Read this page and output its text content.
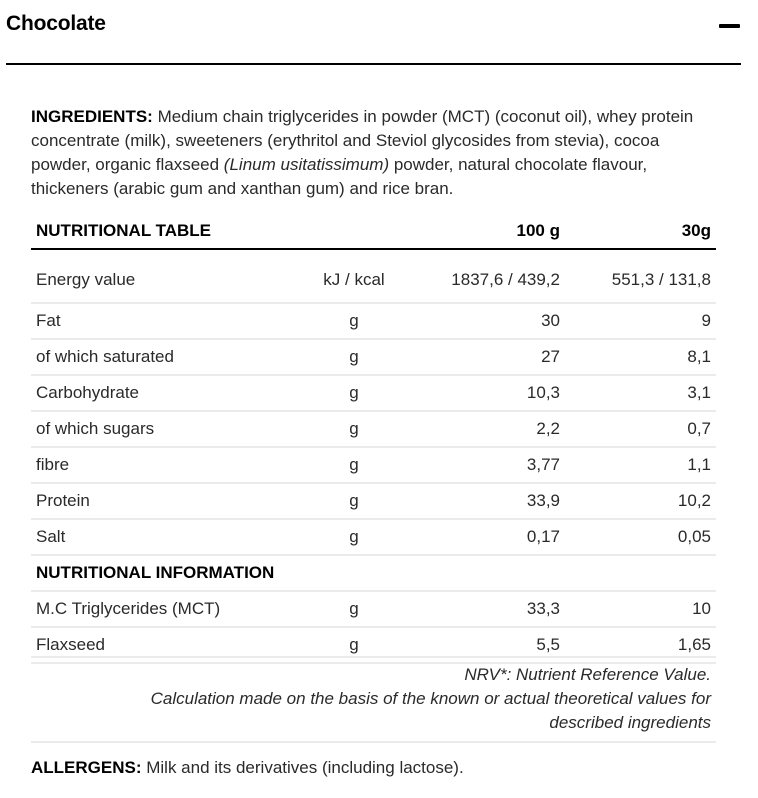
Chocolate
INGREDIENTS: Medium chain triglycerides in powder (MCT) (coconut oil), whey protein concentrate (milk), sweeteners (erythritol and Steviol glycosides from stevia), cocoa powder, organic flaxseed (Linum usitatissimum) powder, natural chocolate flavour, thickeners (arabic gum and xanthan gum) and rice bran.
NUTRITIONAL TABLE		100 g	30g
Energy value	kJ / kcal	1837,6 / 439,2	551,3 / 131,8
Fat	g	30	9
of which saturated	g	27	8,1
Carbohydrate	g	10,3	3,1
of which sugars	g	2,2	0,7
fibre	g	3,77	1,1
Protein	g	33,9	10,2
Salt	g	0,17	0,05
NUTRITIONAL INFORMATION			
M.C Triglycerides (MCT)	g	33,3	10
Flaxseed	g	5,5	1,65
NRV*: Nutrient Reference Value.
Calculation made on the basis of the known or actual theoretical values for described ingredients
ALLERGENS: Milk and its derivatives (including lactose).
